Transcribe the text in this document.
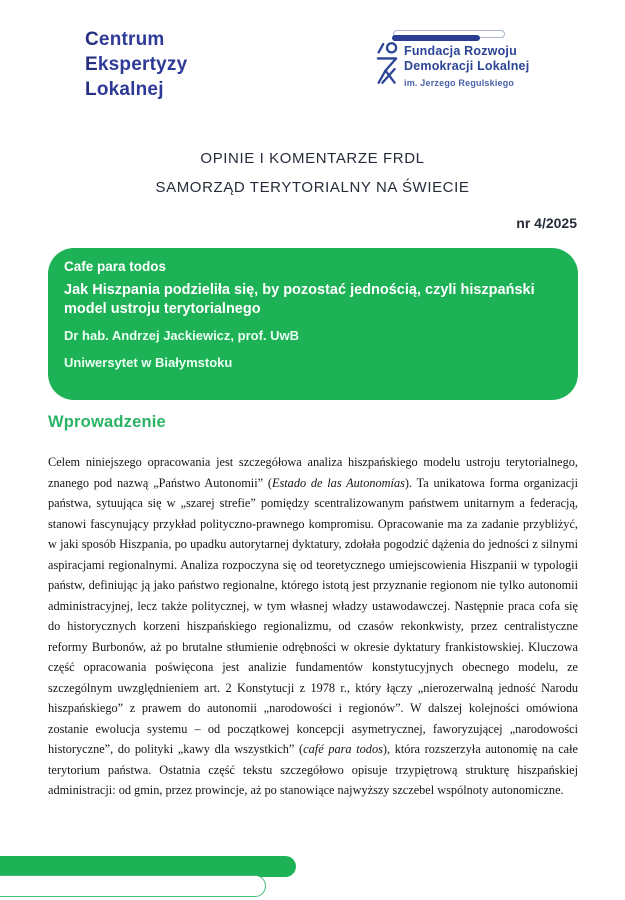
Centrum
Ekspertyzy
Lokalnej
Fundacja Rozwoju
Demokracji Lokalnej
im. Jerzego Regulskiego
OPINIE I KOMENTARZE FRDL
SAMORZĄD TERYTORIALNY NA ŚWIECIE
nr 4/2025

Cafe para todos

Jak Hiszpania podzieliła się, by pozostać jednością, czyli hiszpański model ustroju terytorialnego

Dr hab. Andrzej Jackiewicz, prof. UwB

Uniwersytet w Białymstoku

Wprowadzenie

Celem niniejszego opracowania jest szczegółowa analiza hiszpańskiego modelu ustroju terytorialnego, znanego pod nazwą „Państwo Autonomii” (Estado de las Autonomías). Ta unikatowa forma organizacji państwa, sytuująca się w „szarej strefie” pomiędzy scentralizowanym państwem unitarnym a federacją, stanowi fascynujący przykład polityczno-prawnego kompromisu. Opracowanie ma za zadanie przybliżyć, w jaki sposób Hiszpania, po upadku autorytarnej dyktatury, zdołała pogodzić dążenia do jedności z silnymi aspiracjami regionalnymi. Analiza rozpoczyna się od teoretycznego umiejscowienia Hiszpanii w typologii państw, definiując ją jako państwo regionalne, którego istotą jest przyznanie regionom nie tylko autonomii administracyjnej, lecz także politycznej, w tym własnej władzy ustawodawczej. Następnie praca cofa się do historycznych korzeni hiszpańskiego regionalizmu, od czasów rekonkwisty, przez centralistyczne reformy Burbonów, aż po brutalne stłumienie odrębności w okresie dyktatury frankistowskiej. Kluczowa część opracowania poświęcona jest analizie fundamentów konstytucyjnych obecnego modelu, ze szczególnym uwzględnieniem art. 2 Konstytucji z 1978 r., który łączy „nierozerwalną jedność Narodu hiszpańskiego” z prawem do autonomii „narodowości i regionów”. W dalszej kolejności omówiona zostanie ewolucja systemu – od początkowej koncepcji asymetrycznej, faworyzującej „narodowości historyczne”, do polityki „kawy dla wszystkich” (café para todos), która rozszerzyła autonomię na całe terytorium państwa. Ostatnia część tekstu szczegółowo opisuje trzypiętrową strukturę hiszpańskiej administracji: od gmin, przez prowincje, aż po stanowiące najwyższy szczebel wspólnoty autonomiczne.
